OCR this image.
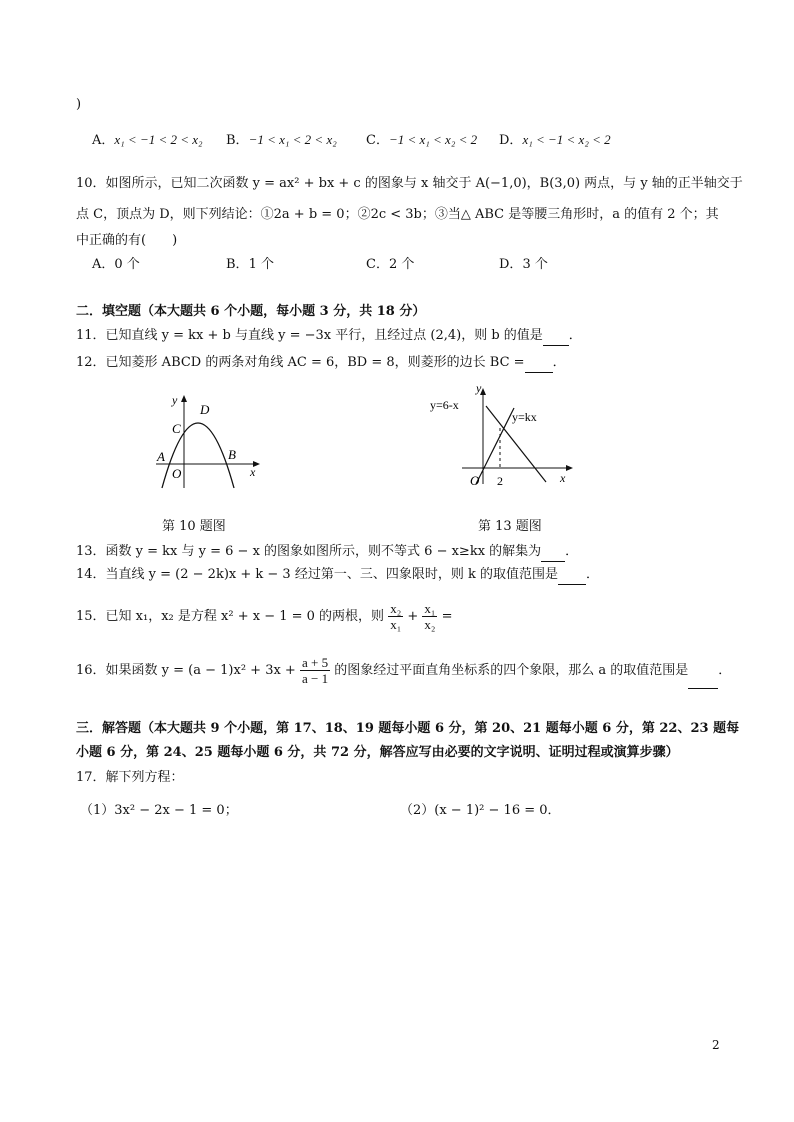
)
A．x₁ < −1 < 2 < x₂ B．−1 < x₁ < 2 < x₂ C．−1 < x₁ < x₂ < 2 D．x₁ < −1 < x₂ < 2
10．如图所示，已知二次函数 y = ax² + bx + c 的图象与 x 轴交于 A(−1,0)，B(3,0) 两点，与 y 轴的正半轴交于
点 C，顶点为 D，则下列结论：①2a + b = 0；②2c < 3b；③当△ ABC 是等腰三角形时，a 的值有 2 个；其
中正确的有(　　)
A．0 个	B．1 个	C．2 个	D．3 个
二．填空题（本大题共 6 个小题，每小题 3 分，共 18 分）
11．已知直线 y = kx + b 与直线 y = −3x 平行，且经过点 (2,4)，则 b 的值是 ．
12．已知菱形 ABCD 的两条对角线 AC = 6，BD = 8，则菱形的边长 BC = ．
y
D
C
A	B
O	x
第 10 题图
y
y=6-x
y=kx
O 2	x
第 13 题图
13．函数 y = kx 与 y = 6 − x 的图象如图所示，则不等式 6 − x≥kx 的解集为 ．
14．当直线 y = (2 − 2k)x + k − 3 经过第一、三、四象限时，则 k 的取值范围是 ．
15．已知 x₁，x₂ 是方程 x² + x − 1 = 0 的两根，则 $\frac{\text{x₂}}{\text{x₁}} + \frac{\text{x₁}}{\text{x₂}}$ =
16．如果函数 $y = (a - 1)x^2 + 3x + \frac{a + 5}{a - 1}$ 的图象经过平面直角坐标系的四个象限，那么 a 的取值范围是 ．
三．解答题（本大题共 9 个小题，第 17、18、19 题每小题 6 分，第 20、21 题每小题 6 分，第 22、23 题每
小题 6 分，第 24、25 题每小题 6 分，共 72 分，解答应写由必要的文字说明、证明过程或演算步骤）
17．解下列方程：
（1）3x² − 2x − 1 = 0；	（2）(x − 1)² − 16 = 0．
2
